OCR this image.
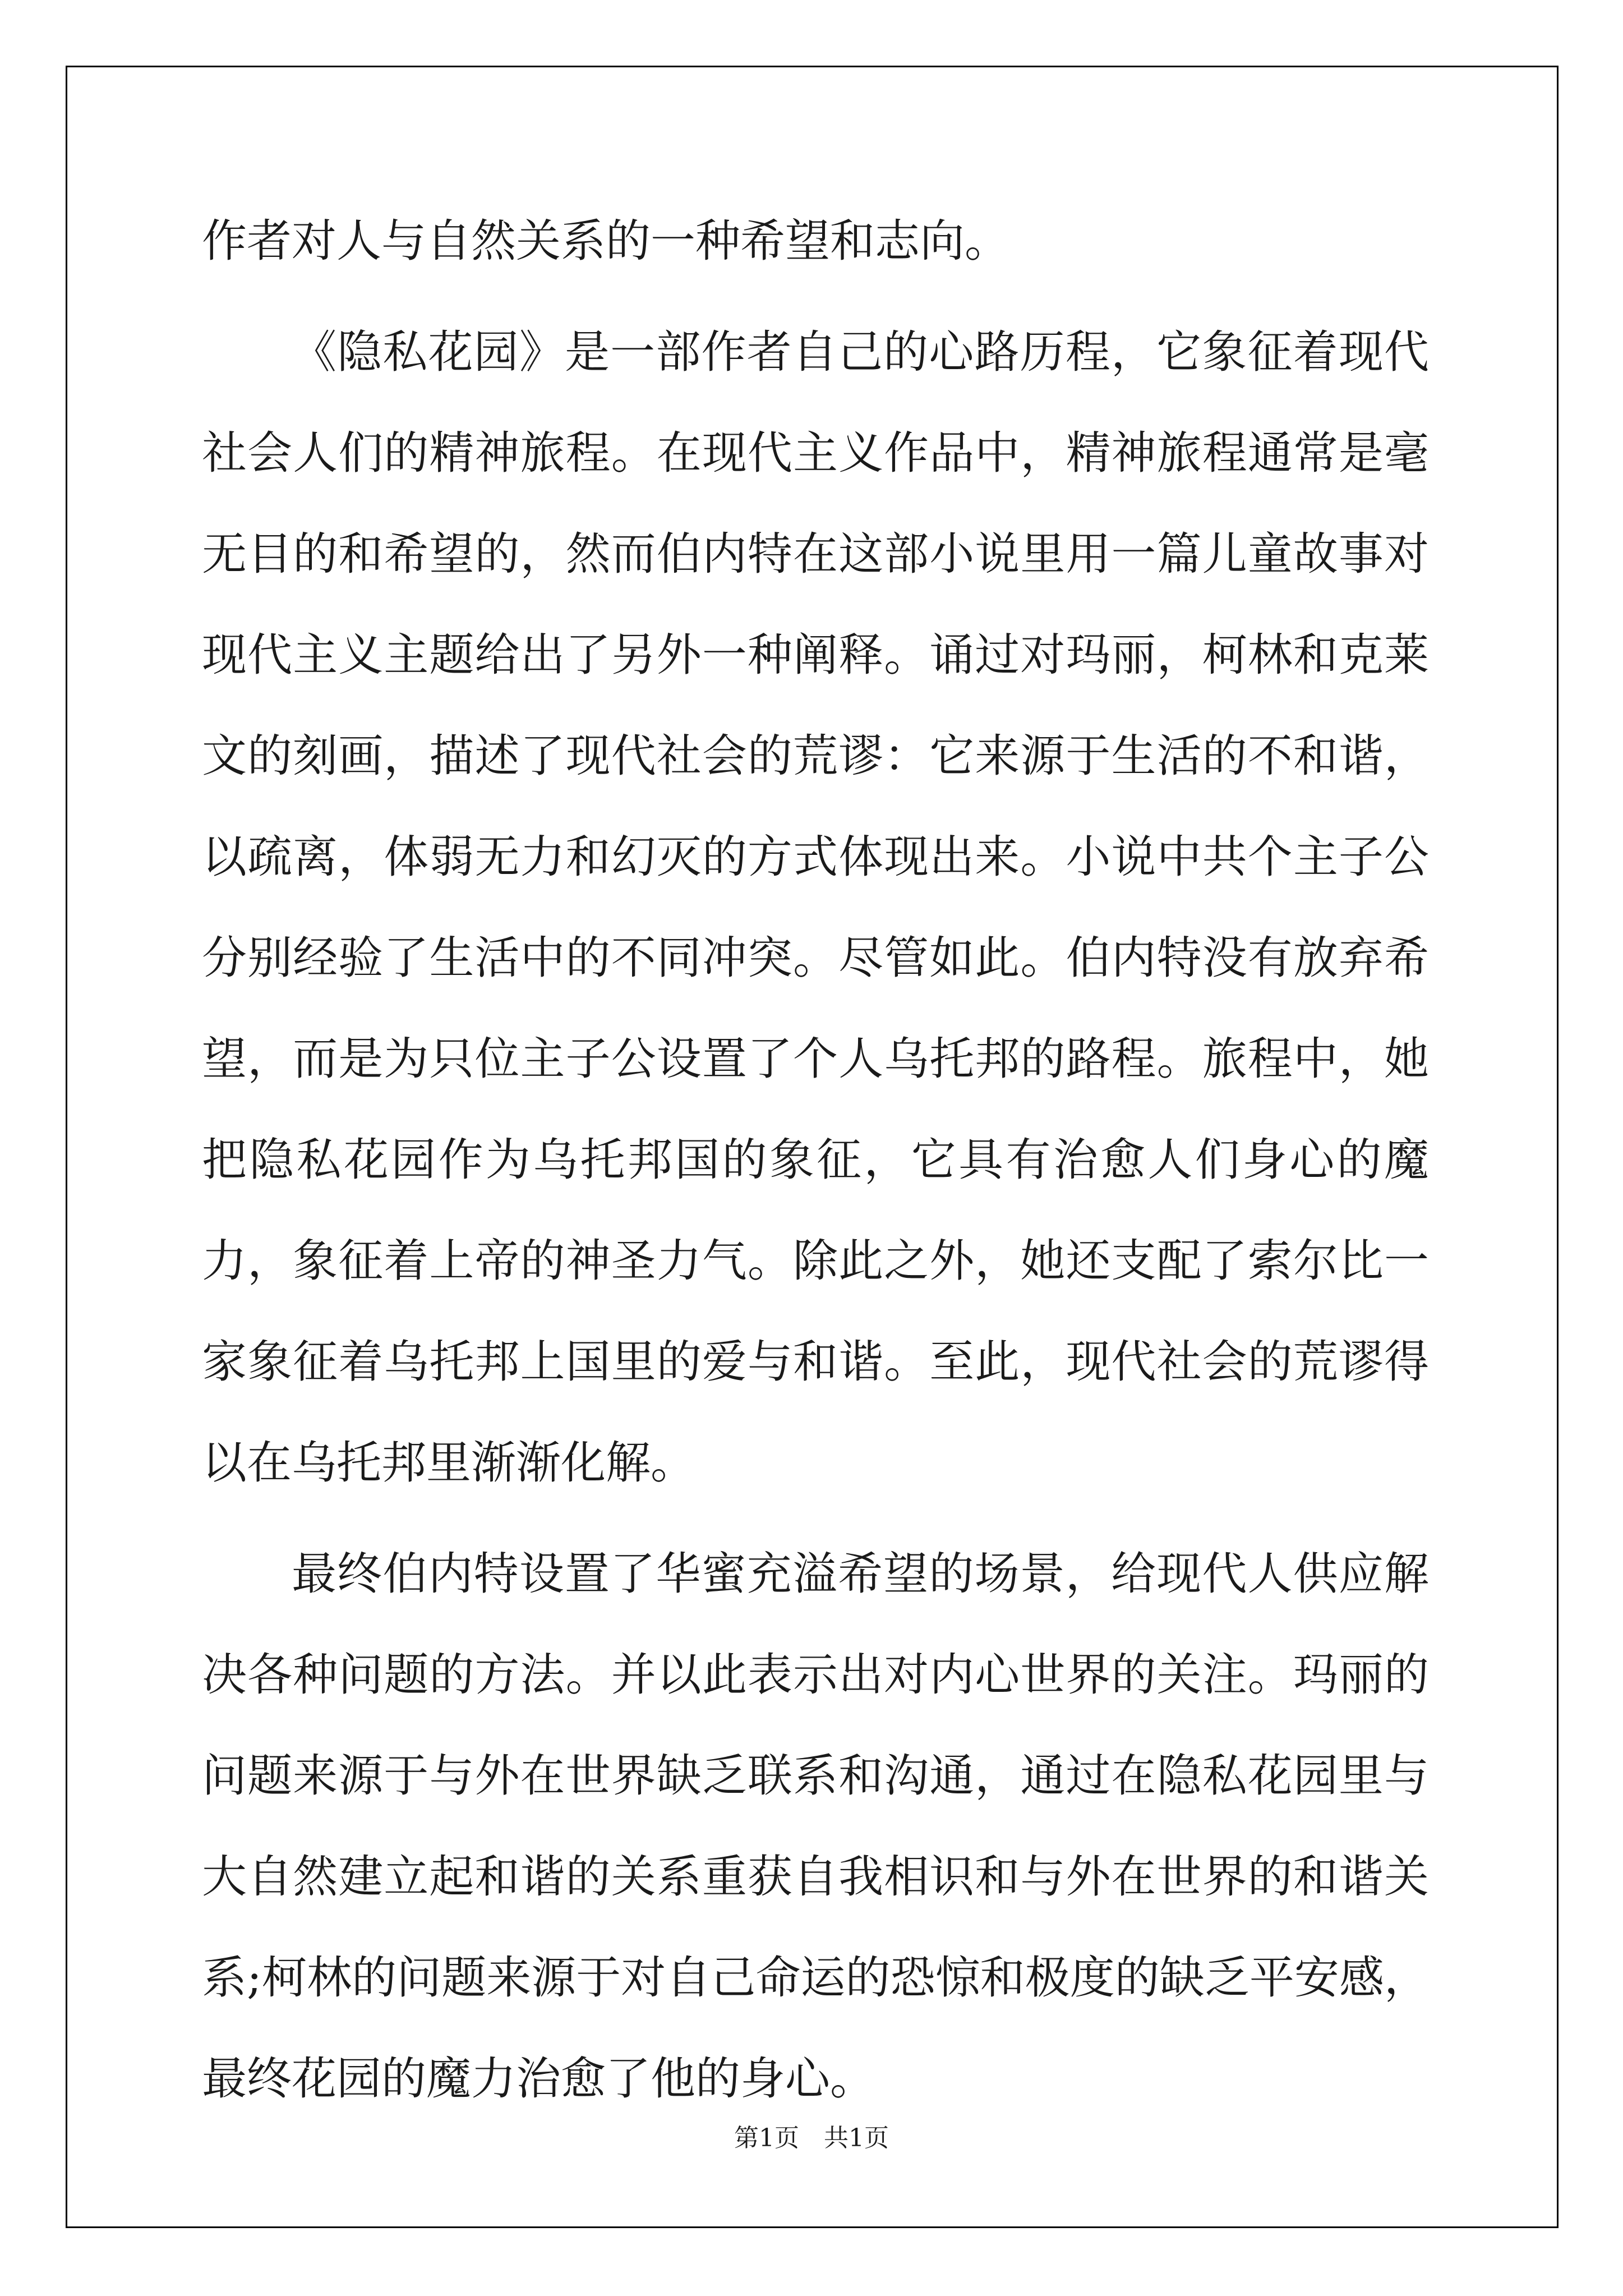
作者对人与自然关系的一种希望和志向。

《隐私花园》是一部作者自己的心路历程，它象征着现代社会人们的精神旅程。在现代主义作品中，精神旅程通常是毫无目的和希望的，然而伯内特在这部小说里用一篇儿童故事对现代主义主题给出了另外一种阐释。诵过对玛丽，柯林和克莱文的刻画，描述了现代社会的荒谬：它来源于生活的不和谐，以疏离，体弱无力和幻灭的方式体现出来。小说中共个主子公分别经验了生活中的不同冲突。尽管如此。伯内特没有放弃希望，而是为只位主子公设置了个人乌托邦的路程。旅程中，她把隐私花园作为乌托邦国的象征，它具有治愈人们身心的魔力，象征着上帝的神圣力气。除此之外，她还支配了索尔比一家象征着乌托邦上国里的爱与和谐。至此，现代社会的荒谬得以在乌托邦里渐渐化解。

最终伯内特设置了华蜜充溢希望的场景，给现代人供应解决各种问题的方法。并以此表示出对内心世界的关注。玛丽的问题来源于与外在世界缺乏联系和沟通，通过在隐私花园里与大自然建立起和谐的关系重获自我相识和与外在世界的和谐关系;柯林的问题来源于对自己命运的恐惊和极度的缺乏平安感，最终花园的魔力治愈了他的身心。

第1页　共1页
